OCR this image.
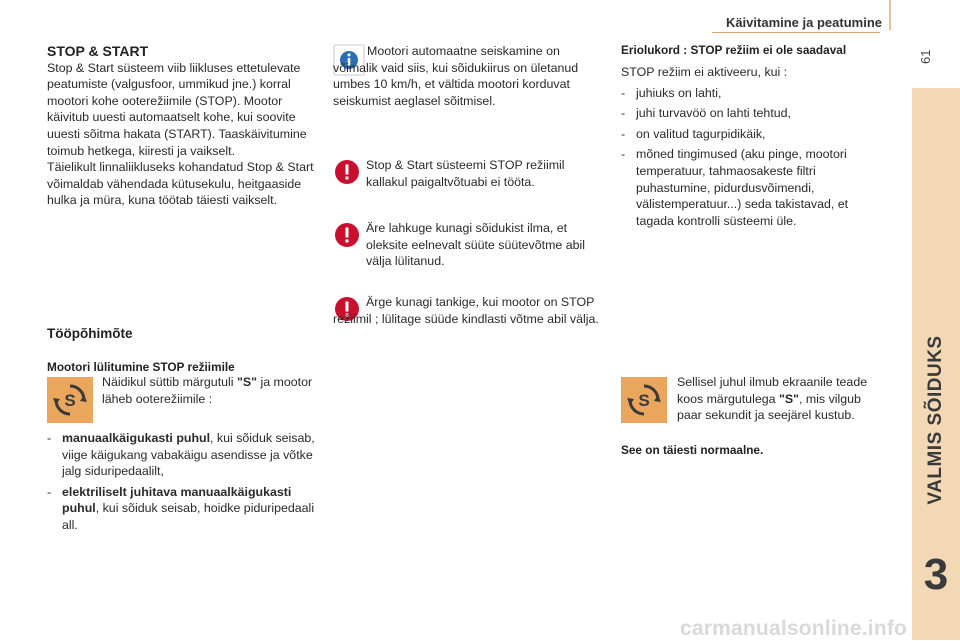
Käivitamine ja peatumine
61
VALMIS SÕIDUKS
3
STOP & START

Stop & Start süsteem viib liikluses ettetulevate peatumiste (valgusfoor, ummikud jne.) korral mootori kohe ooterežiimile (STOP). Mootor käivitub uuesti automaatselt kohe, kui soovite uuesti sõitma hakata (START). Taaskäivitumine toimub hetkega, kiiresti ja vaikselt.

Täielikult linnaliikluseks kohandatud Stop & Start võimaldab vähendada kütusekulu, heitgaaside hulka ja müra, kuna töötab täiesti vaikselt.

Tööpõhimõte
Mootori lülitumine STOP režiimile
S
Näidikul süttib märgutuli "S" ja mootor läheb ooterežiimile :
- manuaalkäigukasti puhul, kui sõiduk seisab, viige käigukang vabakäigu asendisse ja võtke jalg siduripedaalilt,
- elektriliselt juhitava manuaalkäigukasti puhul, kui sõiduk seisab, hoidke piduripedaali all.
Mootori automaatne seiskamine on võimalik vaid siis, kui sõidukiirus on ületanud umbes 10 km/h, et vältida mootori korduvat seiskumist aeglasel sõitmisel.
Stop & Start süsteemi STOP režiimil kallakul paigaltvõtuabi ei tööta.
Äre lahkuge kunagi sõidukist ilma, et oleksite eelnevalt süüte süütevõtme abil välja lülitanud.
Ärge kunagi tankige, kui mootor on STOP režiimil ; lülitage süüde kindlasti võtme abil välja.
Eriolukord : STOP režiim ei ole saadaval

STOP režiim ei aktiveeru, kui :

- juhiuks on lahti,
- juhi turvavöö on lahti tehtud,
- on valitud tagurpidikäik,
- mõned tingimused (aku pinge, mootori temperatuur, tahmaosakeste filtri puhastumine, pidurdusvõimendi, välistemperatuur...) seda takistavad, et tagada kontrolli süsteemi üle.
S
Sellisel juhul ilmub ekraanile teade koos märgutulega "S", mis vilgub paar sekundit ja seejärel kustub.
See on täiesti normaalne.
carmanualsonline.info
